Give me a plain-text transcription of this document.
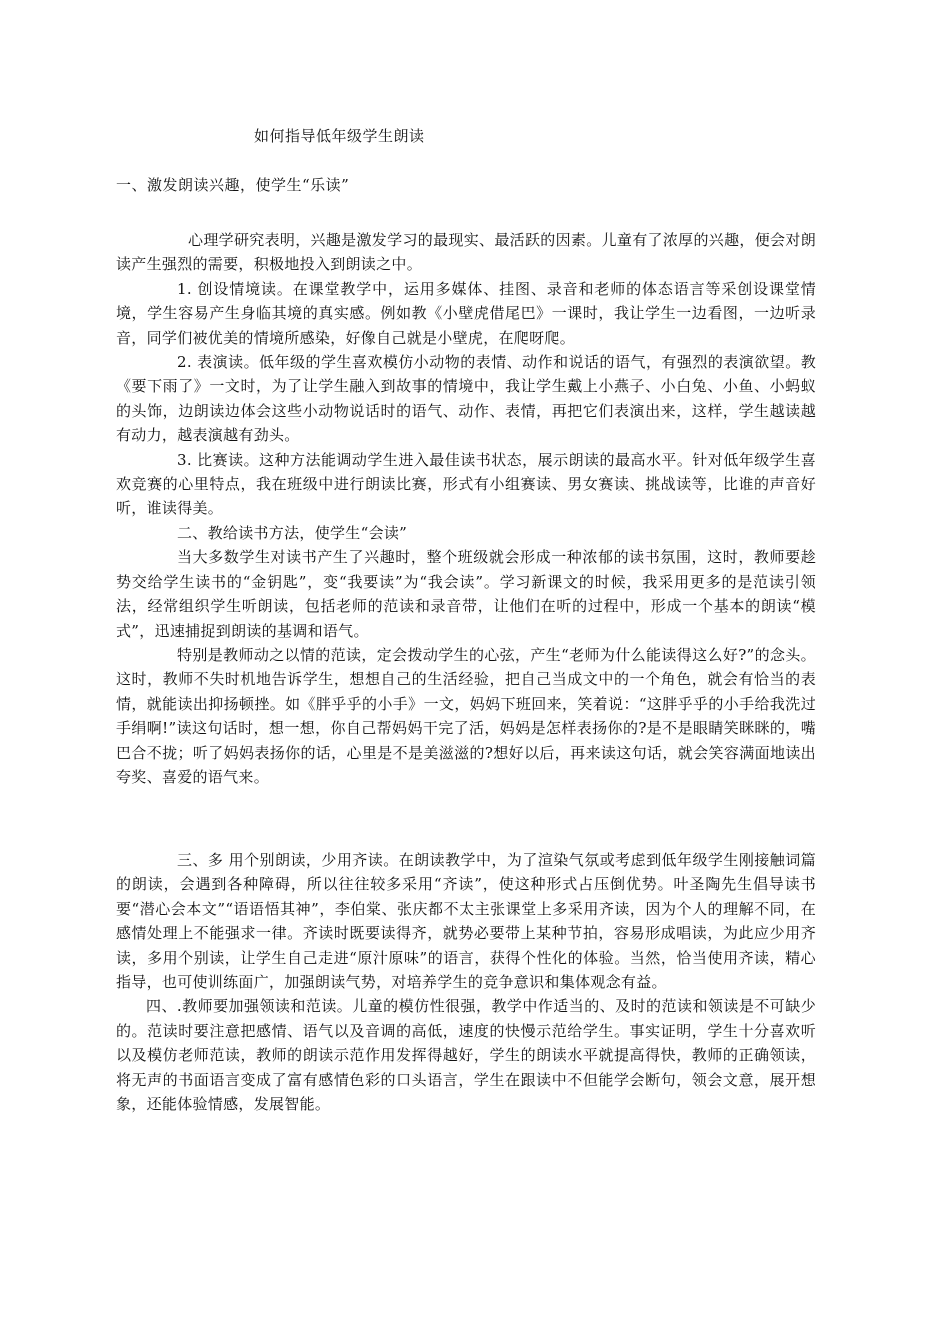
如何指导低年级学生朗读
一、激发朗读兴趣，使学生“乐读”

心理学研究表明，兴趣是激发学习的最现实、最活跃的因素。儿童有了浓厚的兴趣，便会对朗读产生强烈的需要，积极地投入到朗读之中。

1. 创设情境读。在课堂教学中，运用多媒体、挂图、录音和老师的体态语言等采创设课堂情境，学生容易产生身临其境的真实感。例如教《小壁虎借尾巴》一课时，我让学生一边看图，一边听录音，同学们被优美的情境所感染，好像自己就是小壁虎，在爬呀爬。

2. 表演读。低年级的学生喜欢模仿小动物的表情、动作和说话的语气，有强烈的表演欲望。教《要下雨了》一文时，为了让学生融入到故事的情境中，我让学生戴上小燕子、小白兔、小鱼、小蚂蚁的头饰，边朗读边体会这些小动物说话时的语气、动作、表情，再把它们表演出来，这样，学生越读越有动力，越表演越有劲头。

3. 比赛读。这种方法能调动学生进入最佳读书状态，展示朗读的最高水平。针对低年级学生喜欢竞赛的心里特点，我在班级中进行朗读比赛，形式有小组赛读、男女赛读、挑战读等，比谁的声音好听，谁读得美。

二、教给读书方法，使学生“会读”

当大多数学生对读书产生了兴趣时，整个班级就会形成一种浓郁的读书氛围，这时，教师要趁势交给学生读书的“金钥匙”，变“我要读”为“我会读”。学习新课文的时候，我采用更多的是范读引领法，经常组织学生听朗读，包括老师的范读和录音带，让他们在听的过程中，形成一个基本的朗读“模式”，迅速捕捉到朗读的基调和语气。

特别是教师动之以情的范读，定会拨动学生的心弦，产生“老师为什么能读得这么好?”的念头。这时，教师不失时机地告诉学生，想想自己的生活经验，把自己当成文中的一个角色，就会有恰当的表情，就能读出抑扬顿挫。如《胖乎乎的小手》一文，妈妈下班回来，笑着说：“这胖乎乎的小手给我洗过手绢啊!”读这句话时，想一想，你自己帮妈妈干完了活，妈妈是怎样表扬你的?是不是眼睛笑眯眯的，嘴巴合不拢；听了妈妈表扬你的话，心里是不是美滋滋的?想好以后，再来读这句话，就会笑容满面地读出夸奖、喜爱的语气来。

三、多 用个别朗读，少用齐读。在朗读教学中，为了渲染气氛或考虑到低年级学生刚接触词篇的朗读，会遇到各种障碍，所以往往较多采用“齐读”，使这种形式占压倒优势。叶圣陶先生倡导读书要“潜心会本文”“语语悟其神”，李伯棠、张庆都不太主张课堂上多采用齐读，因为个人的理解不同，在感情处理上不能强求一律。齐读时既要读得齐，就势必要带上某种节拍，容易形成唱读，为此应少用齐读，多用个别读，让学生自己走进“原汁原味”的语言，获得个性化的体验。当然，恰当使用齐读，精心指导，也可使训练面广，加强朗读气势，对培养学生的竞争意识和集体观念有益。

四、.教师要加强领读和范读。儿童的模仿性很强，教学中作适当的、及时的范读和领读是不可缺少的。范读时要注意把感情、语气以及音调的高低，速度的快慢示范给学生。事实证明，学生十分喜欢听以及模仿老师范读，教师的朗读示范作用发挥得越好，学生的朗读水平就提高得快，教师的正确领读，将无声的书面语言变成了富有感情色彩的口头语言，学生在跟读中不但能学会断句，领会文意，展开想象，还能体验情感，发展智能。
